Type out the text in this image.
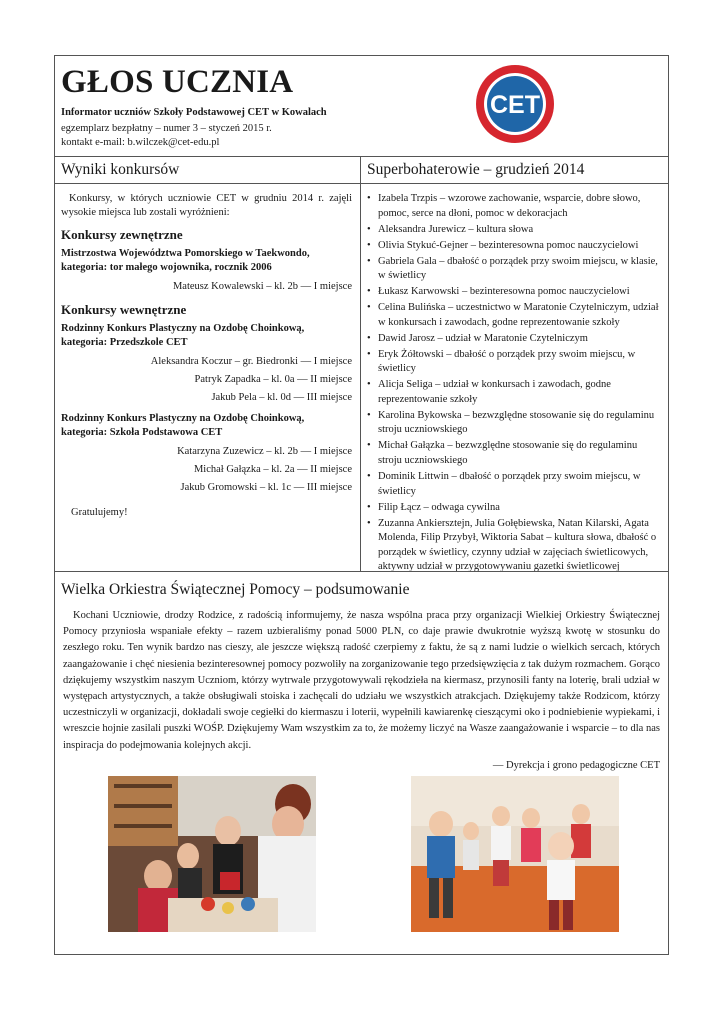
GŁOS UCZNIA
Informator uczniów Szkoły Podstawowej CET w Kowalach
egzemplarz bezpłatny – numer 3 – styczeń 2015 r.
kontakt e-mail: b.wilczek@cet-edu.pl
CET
Wyniki konkursów

Konkursy, w których uczniowie CET w grudniu 2014 r. zajęli wysokie miejsca lub zostali wyróżnieni:

Konkursy zewnętrzne

Mistrzostwa Województwa Pomorskiego w Taekwondo, kategoria: tor małego wojownika, rocznik 2006

Mateusz Kowalewski – kl. 2b — I miejsce
Konkursy wewnętrzne

Rodzinny Konkurs Plastyczny na Ozdobę Choinkową, kategoria: Przedszkole CET

Aleksandra Koczur – gr. Biedronki — I miejsce
Patryk Zapadka – kl. 0a — II miejsce
Jakub Pela – kl. 0d — III miejsce

Rodzinny Konkurs Plastyczny na Ozdobę Choinkową, kategoria: Szkoła Podstawowa CET

Katarzyna Zuzewicz – kl. 2b — I miejsce
Michał Gałązka – kl. 2a — II miejsce
Jakub Gromowski – kl. 1c — III miejsce

Gratulujemy!

Superbohaterowie – grudzień 2014
• Izabela Trzpis – wzorowe zachowanie, wsparcie, dobre słowo, pomoc, serce na dłoni, pomoc w dekoracjach
• Aleksandra Jurewicz – kultura słowa
• Olivia Stykuć-Gejner – bezinteresowna pomoc nauczycielowi
• Gabriela Gala – dbałość o porządek przy swoim miejscu, w klasie, w świetlicy
• Łukasz Karwowski – bezinteresowna pomoc nauczycielowi
• Celina Bulińska – uczestnictwo w Maratonie Czytelniczym, udział w konkursach i zawodach, godne reprezentowanie szkoły
• Dawid Jarosz – udział w Maratonie Czytelniczym
• Eryk Żółtowski – dbałość o porządek przy swoim miejscu, w świetlicy
• Alicja Seliga – udział w konkursach i zawodach, godne reprezentowanie szkoły
• Karolina Bykowska – bezwzględne stosowanie się do regulaminu stroju uczniowskiego
• Michał Gałązka – bezwzględne stosowanie się do regulaminu stroju uczniowskiego
• Dominik Littwin – dbałość o porządek przy swoim miejscu, w świetlicy
• Filip Łącz – odwaga cywilna
• Zuzanna Ankiersztejn, Julia Gołębiewska, Natan Kilarski, Agata Molenda, Filip Przybył, Wiktoria Sabat – kultura słowa, dbałość o porządek w świetlicy, czynny udział w zajęciach świetlicowych, aktywny udział w przygotowywaniu gazetki świetlicowej
Wielka Orkiestra Świątecznej Pomocy – podsumowanie

Kochani Uczniowie, drodzy Rodzice, z radością informujemy, że nasza wspólna praca przy organizacji Wielkiej Orkiestry Świątecznej Pomocy przyniosła wspaniałe efekty – razem uzbieraliśmy ponad 5000 PLN, co daje prawie dwukrotnie wyższą kwotę w stosunku do zeszłego roku. Ten wynik bardzo nas cieszy, ale jeszcze większą radość czerpiemy z faktu, że są z nami ludzie o wielkich sercach, których zaangażowanie i chęć niesienia bezinteresownej pomocy pozwoliły na zorganizowanie tego przedsięwzięcia z tak dużym rozmachem. Gorąco dziękujemy wszystkim naszym Uczniom, którzy wytrwale przygotowywali rękodzieła na kiermasz, przynosili fanty na loterię, brali udział w występach artystycznych, a także obsługiwali stoiska i zachęcali do udziału we wszystkich atrakcjach. Dziękujemy także Rodzicom, którzy uczestniczyli w organizacji, dokładali swoje cegiełki do kiermaszu i loterii, wypełnili kawiarenkę cieszącymi oko i podniebienie wypiekami, i wreszcie hojnie zasilali puszki WOŚP. Dziękujemy Wam wszystkim za to, że możemy liczyć na Wasze zaangażowanie i wsparcie – to dla nas inspiracja do podejmowania kolejnych akcji.

— Dyrekcja i grono pedagogiczne CET
